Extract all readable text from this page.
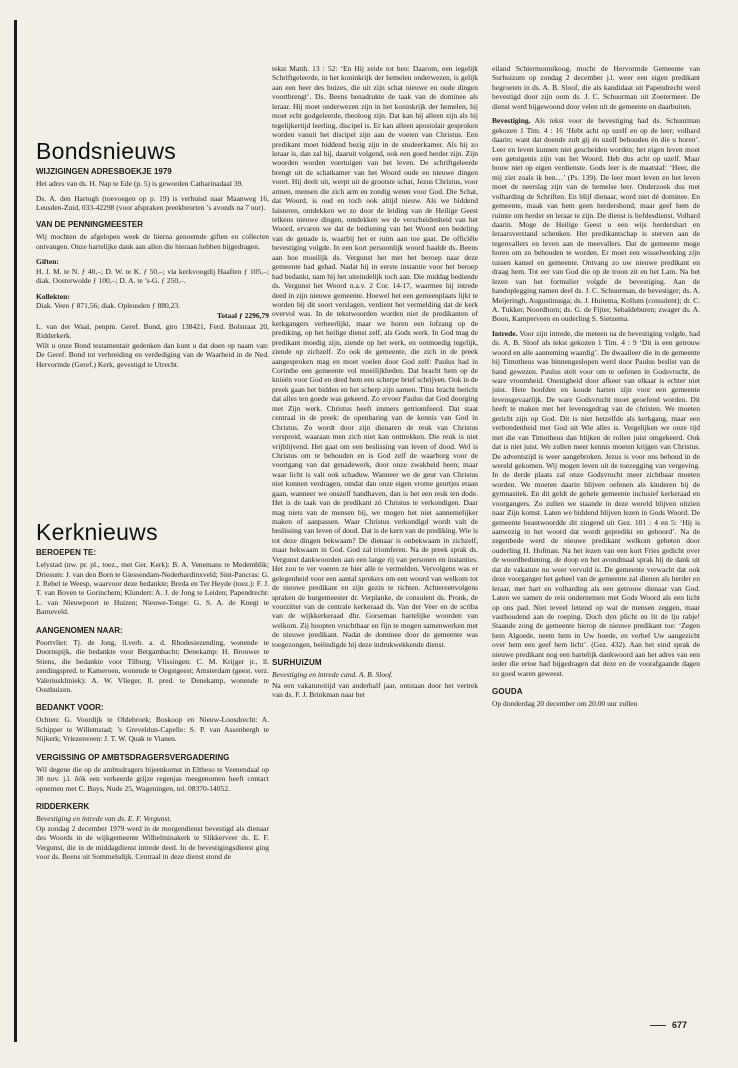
Bondsnieuws
WIJZIGINGEN ADRESBOEKJE 1979

Het adres van ds. H. Nap te Ede (p. 5) is geworden Catharinadaal 39.

Ds. A. den Hartogh (toevoegen op p. 19) is verhuisd naar Maanweg 16, Leusden-Zuid, 033-42298 (voor afspraken preekbeurten ’s avonds na 7 uur).

VAN DE PENNINGMEESTER

Wij mochten de afgelopen week de hierna genoemde giften en collecten ontvangen. Onze hartelijke dank aan allen die hieraan hebben bijgedragen.

Giften:

H. J. M. te N. ƒ 40,–; D. W. te K. ƒ 50,–; via kerkvoogdij Haaften ƒ 105,–; diak. Oosterwolde ƒ 100,–; D. A. te ’s-G. ƒ 250,–.

Kollekten:

Diak. Veen ƒ 871,56; diak. Opleusden ƒ 880,23.

Totaal ƒ 2296,79

L. van der Waal, penpm. Geref. Bond, giro 138421, Ferd. Bolstraat 20, Ridderkerk.

Wilt u onze Bond testamentair gedenken dan kunt u dat doen op naam van: De Geref. Bond tot verbreiding en verdediging van de Waarheid in de Ned. Hervormde (Geref.) Kerk, gevestigd te Utrecht.

Kerknieuws
BEROEPEN TE:

Lelystad (nw. pr. pl., toez., met Ger. Kerk): B. A. Venemans te Medemblik; Driesum: J. van den Born te Giessendam-Nederhardinxveld; Sint-Pancras: G. J. Rebel te Weesp, waarvoor deze bedankte; Breda en Ter Heyde (toez.): F. J. T. van Boven te Gorinchem; Klundert: A. J. de Jong te Leiden; Papendrecht: L. van Nieuwpoort te Huizen; Nieuwe-Tonge: G. S. A. de Knegt te Barneveld.

AANGENOMEN NAAR:

Poortvliet: Tj. de Jong, ll.verb. a. d. Rhodesiezending, wonende te Doornspijk, die bedankte voor Bergambacht; Denekamp: H. Brouwer te Stiens, die bedankte voor Tilburg; Vlissingen: C. M. Krijger jr., ll. zendingspred. te Kameroen, wonende te Oegstgeest; Amsterdam (geest. verz. Valeriuskliniek): A. W. Vlieger, ll. pred. te Denekamp, wonende te Oosthuizen.

BEDANKT VOOR:

Ochten: G. Voordijk te Oldebroek; Boskoop en Nieuw-Loosdrecht: A. Schipper te Willemstad; ’s Greveldun-Capelle: S. P. van Assenbergh te Nijkerk; Vriezenveen: J. T. W. Quak te Vianen.

VERGISSING OP AMBTSDRAGERSVERGADERING

Wil degene die op de ambtsdragers bijeenkomst in Eltheso te Veenendaal op 30 nov. j.l. ôók een verkeerde grijze regenjas meegenomen heeft contact opnemen met C. Buys, Nude 25, Wageningen, tel. 08370-14052.

RIDDERKERK

Bevestiging en intrede van ds. E. F. Vergunst.

Op zondag 2 december 1979 werd in de morgendienst bevestigd als dienaar des Woords in de wijkgemeente Wilhelminakerk te Slikkerveer ds. E. F. Vergunst, die in de middagdienst intrede deed. In de bevestigingsdienst ging voor ds. Beens uit Sommelsdijk. Centraal in deze dienst stond de

tekst Matth. 13 : 52: ‘En Hij zeide tot hen: Daarom, een iegelijk Schriftgeleerde, in het koninkrijk der hemelen onderwezen, is gelijk aan een heer des huizes, die uit zijn schat nieuwe en oude dingen voortbrengt’. Ds. Beens benadrukte de taak van de dominee als leraar. Hij moet onderwezen zijn in het koninkrijk der hemelen, hij moet echt godgeleerde, theoloog zijn. Dat kan hij alleen zijn als hij tegelijkertijd leerling, discipel is. Er kan alleen apostolair gesproken worden vanuit het discipel zijn aan de voeten van Christus. Een predikant moet biddend bezig zijn in de studeerkamer. Als hij zo leraar is, dan zal hij, daaruit volgend, ook een goed herder zijn. Zijn woorden worden voertuigen van het leven. De schriftgeleerde brengt uit de schatkamer van het Woord oude en nieuwe dingen voort. Hij deelt uit, werpt uit de grootste schat, Jezus Christus, voor armen, mensen die zich arm en zondig weten voor God. Die Schat, dat Woord, is oud en toch ook altijd nieuw. Als we biddend luisteren, ontdekken we zo door de leiding van de Heilige Geest telkens nieuwe dingen, ontdekken we de verscheidenheid van het Woord, ervaren we dat de bediening van het Woord een bedeling van de genade is, waarbij het er ruim aan toe gaat. De officiële bevestiging volgde. In een kort persoonlijk woord haalde ds. Beens aan hoe moeilijk ds. Vergunst het met het beroep naar deze gemeente had gehad. Nadat hij in eerste instantie voor het beroep had bedankt, nam hij het uiteindelijk toch aan. Die middag bediende ds. Vergunst het Woord n.a.v. 2 Cor. 14-17, waarmee hij intrede deed in zijn nieuwe gemeente. Hoewel het een gemeenplaats lijkt te worden bij dit soort verslagen, verdient het vermelding dat de kerk overvol was. In de tekstwoorden worden niet de predikanten of kerkgangers verheerlijkt, maar we horen een lofzang op de prediking, op het heilige dienst zelf, als Gods werk. In God mag de predikant moedig zijn, ziende op het werk, en ootmoedig tegelijk, ziende op zichzelf. Zo ook de gemeente, die zich in de preek aangesproken mag en moet voelen door God zelf: Paulus had in Corinthe een gemeente vol moeilijkheden. Dat bracht hem op de knieën voor God en deed hem een scherpe brief schrijven. Ook in de preek gaan het bidden en het scherp zijn samen. Titus bracht bericht dat alles ten goede was gekeerd. Zo ervoer Paulus dat God doorging met Zijn werk. Christus heeft immers getriomfeerd. Dat staat centraal in de preek: de openbaring van de kennis van God in Christus. Zo wordt door zijn dienaren de reuk van Christus verspreid, waaraan men zich niet kan onttrekken. Die reuk is niet vrijblijvend. Het gaat om een beslissing van leven of dood. Wel is Christus om te behouden en is God zelf de waarborg voor de voortgang van dat genadewerk, door onze zwakheid heen; maar waar licht is valt ook schaduw. Wanneer we de geur van Christus niet kunnen verdragen, omdat dan onze eigen vrome geurtjes eraan gaan, wanneer we onszelf handhaven, dan is het een reuk ten dode. Het is de taak van de predikant zó Christus te verkondigen. Daar mag niets van de mensen bij, we mogen het niet aannemelijker maken of aanpassen. Waar Christus verkondigd wordt valt de beslissing van leven of dood. Dat is de kern van de prediking. Wie is tot deze dingen bekwaam? De dienaar is onbekwaam in zichzelf, maar bekwaam in God. God zal triomferen. Na de preek sprak ds. Vergunst dankwoorden aan een lange rij van personen en instanties. Het zou te ver voeren ze hier alle te vermelden. Vervolgens was er gelegenheid voor een aantal sprekers om een woord van welkom tot de nieuwe predikant en zijn gezin te richten. Achtereenvolgens spraken de burgemeester dr. Verplanke, de consulent ds. Pronk, de voorzitter van de centrale kerkeraad ds. Van der Veer en de scriba van de wijkkerkeraad dhr. Gorseman hartelijke woorden van welkom. Zij hoopten vruchtbaar en fijn te mogen samenwerken met de nieuwe predikant. Nadat de dominee door de gemeente was toegezongen, beëindigde hij deze indrukwekkende dienst.

SURHUIZUM

Bevestiging en intrede cand. A. B. Sloof.

Na een vakatureitijd van anderhalf jaar, ontstaan door het vertrek van ds. F. J. Brinkman naar het

eiland Schiermonnikoog, mocht de Hervormde Gemeente van Surhuizum op zondag 2 december j.l. weer een eigen predikant begroeten in ds. A. B. Sloof, die als kandidaat uit Papendrecht werd bevestigd door zijn oom ds. J. C. Schuurman uit Zoetermeer. De dienst werd bijgewoond door velen uit de gemeente en daarbuiten.

Bevestiging. Als tekst voor de bevestiging had ds. Schuurman gekozen 1 Tim. 4 : 16 ‘Hebt acht op uzelf en op de leer; volhard daarin; want dat doende zult gij én uzelf behouden én die u horen’. Leer en leven kunnen niet gescheiden worden; het eigen leven moet een getuigenis zijn van het Woord. Heb dus acht op uzelf. Maar bouw niet op eigen verdienste. Gods leer is de maatstaf: ‘Heer, die mij ziet zoals ik ben…’ (Ps. 139). De leer moet leven en het leven moet de neerslag zijn van de hemelse leer. Onderzoek dus met volharding de Schriften. En blijf dienaar, word niet dé dominee. En gemeente, maak van hem geen herdershond, maar geef hem de ruimte om herder en leraar te zijn. De dienst is liefdesdienst. Volhard daarin. Moge de Heilige Geest u een wijs herdershart en leraarsverstand schenken. Het predikantschap is sterven aan de tegenvallers en leven aan de meevallers. Dat de gemeente moge horen om zo behouden te worden. Er moet een wisselwerking zijn tussen kansel en gemeente. Ontvang zo uw nieuwe predikant en draag hem. Tot eer van God die op de troon zit en het Lam. Na het lezen van het formulier volgde de bevestiging. Aan de handoplegging namen deel ds. J. C. Schuurman, de bevestiger; ds. A. Meijeringh, Augustinusga; ds. J. Huitema, Kollum (consulent); dr. C. A. Tukker, Noordhorn; ds. G. de Fijter, Sebaldeburen; zwager ds. A. Boon, Kamperveen en ouderling S. Sietzema.

Intrede. Voor zijn intrede, die meteen na de bevestiging volgde, had ds. A. B. Sloof als tekst gekozen 1 Tim. 4 : 9 ‘Dit is een getrouw woord en alle aanneming waardig’. De dwaalleer die in de gemeente bij Timotheus was binnengeslopen werd door Paulus beslist van de hand gewezen. Paulus stelt voor om te oefenen in Godsvrucht, de ware vroomheid. Onenigheid door afkeer van elkaar is echter niet juist. Hete hoofden en koude harten zijn voor een gemeente levensgevaarlijk. De ware Godsvrucht moet geoefend worden. Dit heeft te maken met het levensgedrag van de christen. We moeten gericht zijn op God. Dit is niet hetzelfde als kerkgang, maar een verbondenheid met God uit Wie alles is. Vergelijken we onze tijd met die van Timotheus dan blijken de rollen juist omgekeerd. Ook dat is niet juist. We zullen meer kennis moeten krijgen van Christus. De adventstijd is weer aangebroken. Jezus is voor ons behoud in de wereld gekomen. Wij mogen leven uit de toezegging van vergeving. In de derde plaats zal onze Godsvrucht meer zichtbaar moeten worden. We moeten daarin blijven oefenen als kinderen bij de gymnastiek. En dit geldt de gehele gemeente inclusief kerkeraad en voorgangers. Zo zullen we staande in deze wereld blijven uitzien naar Zijn komst. Laten we biddend blijven lezen in Gods Woord. De gemeente beantwoordde dit zingend uit Gez. 101 : 4 en 5: ‘Hij is aanwezig in het woord dat wordt gepredikt en gehoord’. Na de zegenbede werd de nieuwe predikant welkom geheten door ouderling H. Hofman. Na het lezen van een kort Fries gedicht over de woordbediening, de doop en het avondmaal sprak hij de dank uit dat de vakature nu weer vervuld is. De gemeente verwacht dat ook deze voorganger het geheel van de gemeente zal dienen als herder en leraar, met hart en volharding als een getrouw dienaar van God. Laten we samen de reis ondernemen met Gods Woord als een licht op ons pad. Niet teveel lettend op wat de mensen zeggen, maar vasthoudend aan de roeping. Doch dyn plicht en lit de lju rabje! Staande zong de gemeente hierop de nieuwe predikant toe: ‘Zegen hem Algoede, neem hem in Uw hoede, en verhef Uw aangezicht over hem een geef hem licht’. (Gez. 432). Aan het eind sprak de nieuwe predikant nog een hartelijk dankwoord aan het adres van een ieder die ertoe had bijgedragen dat deze en de voorafgaande dagen zo goed waren geweest.

GOUDA

Op donderdag 20 december om 20.00 uur zullen

677
